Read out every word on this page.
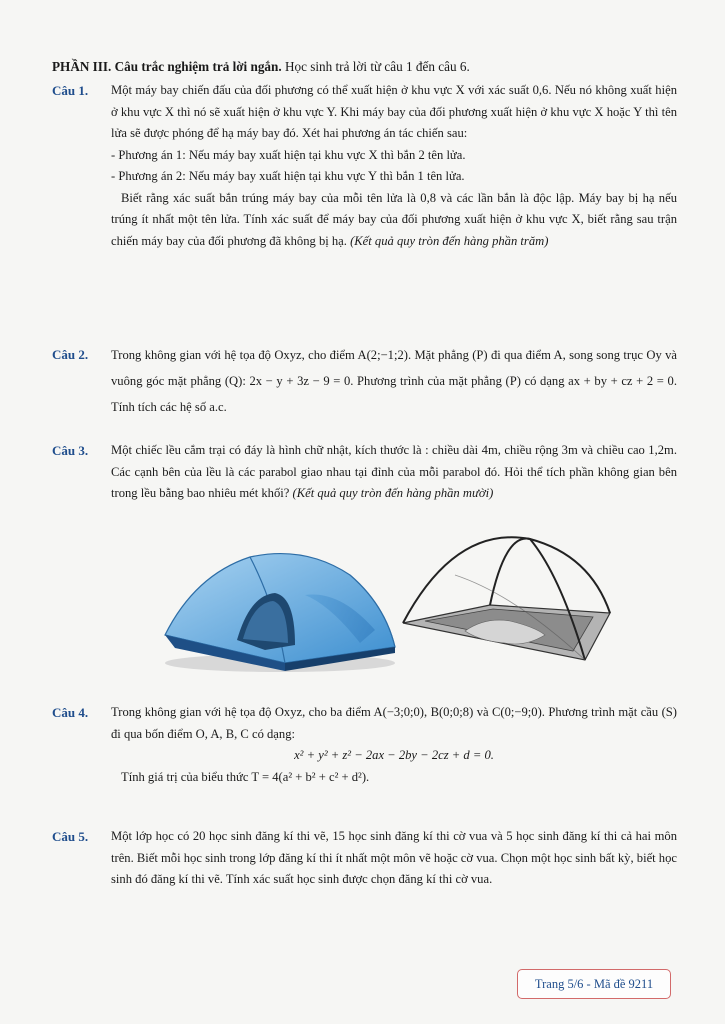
PHẦN III. Câu trắc nghiệm trả lời ngắn. Học sinh trả lời từ câu 1 đến câu 6.
Câu 1. Một máy bay chiến đấu của đối phương có thể xuất hiện ở khu vực X với xác suất 0,6. Nếu nó không xuất hiện ở khu vực X thì nó sẽ xuất hiện ở khu vực Y. Khi máy bay của đối phương xuất hiện ở khu vực X hoặc Y thì tên lửa sẽ được phóng để hạ máy bay đó. Xét hai phương án tác chiến sau:

- Phương án 1: Nếu máy bay xuất hiện tại khu vực X thì bắn 2 tên lửa.

- Phương án 2: Nếu máy bay xuất hiện tại khu vực Y thì bắn 1 tên lửa.

Biết rằng xác suất bắn trúng máy bay của mỗi tên lửa là 0,8 và các lần bắn là độc lập. Máy bay bị hạ nếu trúng ít nhất một tên lửa. Tính xác suất để máy bay của đối phương xuất hiện ở khu vực X, biết rằng sau trận chiến máy bay của đối phương đã không bị hạ. (Kết quả quy tròn đến hàng phần trăm)

Câu 2. Trong không gian với hệ tọa độ Oxyz, cho điểm A(2;−1;2). Mặt phẳng (P) đi qua điểm A, song song trục Oy và vuông góc mặt phẳng (Q): 2x − y + 3z − 9 = 0. Phương trình của mặt phẳng (P) có dạng ax + by + cz + 2 = 0. Tính tích các hệ số a.c.

Câu 3. Một chiếc lều cắm trại có đáy là hình chữ nhật, kích thước là : chiều dài 4m, chiều rộng 3m và chiều cao 1,2m. Các cạnh bên của lều là các parabol giao nhau tại đỉnh của mỗi parabol đó. Hỏi thể tích phần không gian bên trong lều bằng bao nhiêu mét khối? (Kết quả quy tròn đến hàng phần mười)

Câu 4. Trong không gian với hệ tọa độ Oxyz, cho ba điểm A(−3;0;0), B(0;0;8) và C(0;−9;0). Phương trình mặt cầu (S) đi qua bốn điểm O, A, B, C có dạng:

x² + y² + z² − 2ax − 2by − 2cz + d = 0.

Tính giá trị của biểu thức T = 4(a² + b² + c² + d²).

Câu 5. Một lớp học có 20 học sinh đăng kí thi vẽ, 15 học sinh đăng kí thi cờ vua và 5 học sinh đăng kí thi cả hai môn trên. Biết mỗi học sinh trong lớp đăng kí thi ít nhất một môn vẽ hoặc cờ vua. Chọn một học sinh bất kỳ, biết học sinh đó đăng kí thi vẽ. Tính xác suất học sinh được chọn đăng kí thi cờ vua.

Trang 5/6 - Mã đề 9211
